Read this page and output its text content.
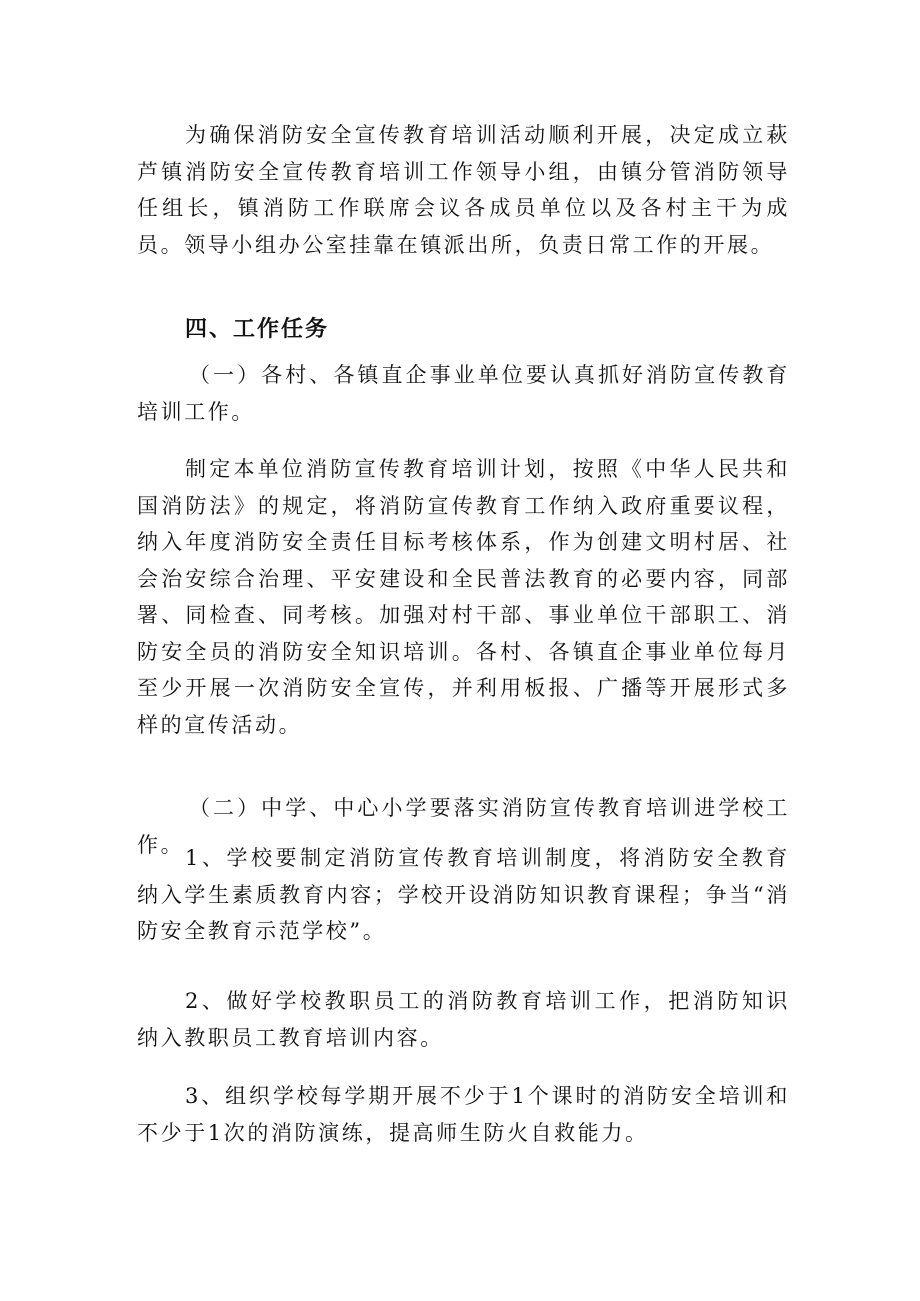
为确保消防安全宣传教育培训活动顺利开展，决定成立萩芦镇消防安全宣传教育培训工作领导小组，由镇分管消防领导任组长，镇消防工作联席会议各成员单位以及各村主干为成员。领导小组办公室挂靠在镇派出所，负责日常工作的开展。

四、工作任务

（一）各村、各镇直企事业单位要认真抓好消防宣传教育培训工作。

制定本单位消防宣传教育培训计划，按照《中华人民共和国消防法》的规定，将消防宣传教育工作纳入政府重要议程，纳入年度消防安全责任目标考核体系，作为创建文明村居、社会治安综合治理、平安建设和全民普法教育的必要内容，同部署、同检查、同考核。加强对村干部、事业单位干部职工、消防安全员的消防安全知识培训。各村、各镇直企事业单位每月至少开展一次消防安全宣传，并利用板报、广播等开展形式多样的宣传活动。

（二）中学、中心小学要落实消防宣传教育培训进学校工作。

1、学校要制定消防宣传教育培训制度，将消防安全教育纳入学生素质教育内容；学校开设消防知识教育课程；争当“消防安全教育示范学校”。

2、做好学校教职员工的消防教育培训工作，把消防知识纳入教职员工教育培训内容。

3、组织学校每学期开展不少于1个课时的消防安全培训和不少于1次的消防演练，提高师生防火自救能力。
